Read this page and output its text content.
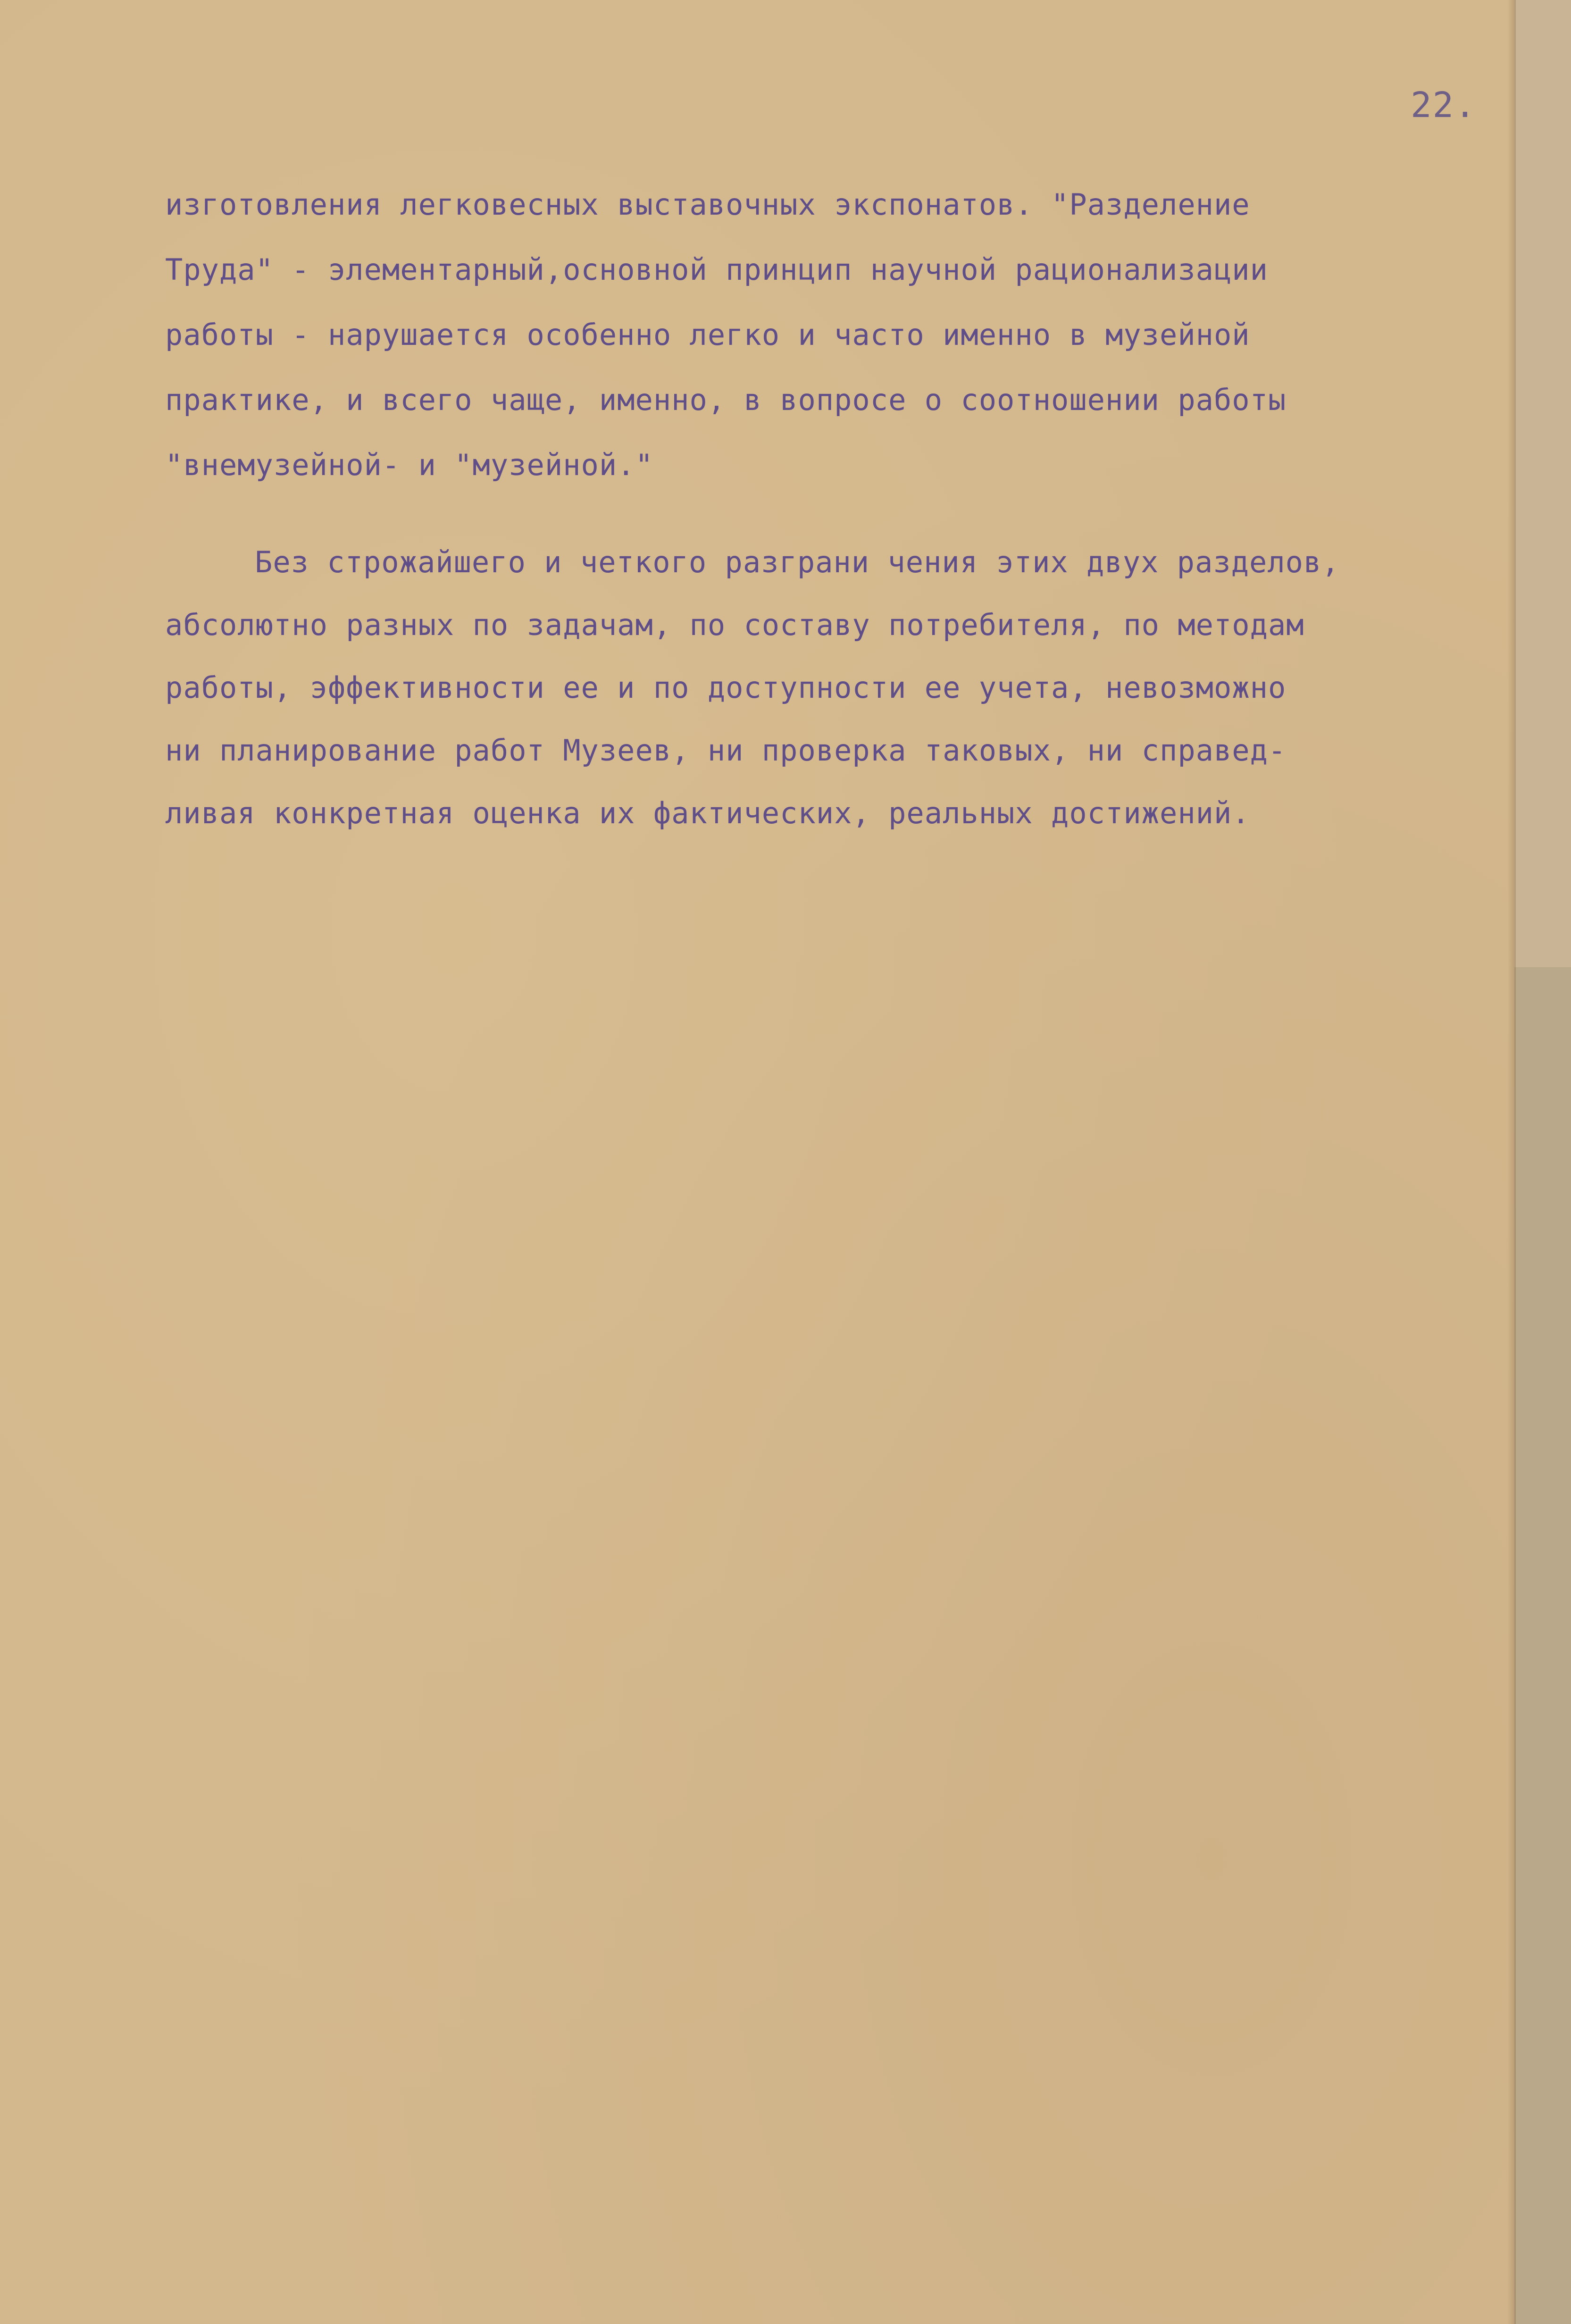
22.
изготовления легковесных выставочных экспонатов. "Разделение
Труда" - элементарный,основной принцип научной рационализации
работы - нарушается особенно легко и часто именно в музейной
практике, и всего чаще, именно, в вопросе о соотношении работы
"внемузейной- и "музейной."
Без строжайшего и четкого разграни чения этих двух разделов,
абсолютно разных по задачам, по составу потребителя, по методам
работы, эффективности ее и по доступности ее учета, невозможно
ни планирование работ Музеев, ни проверка таковых, ни справед-
ливая конкретная оценка их фактических, реальных достижений.
